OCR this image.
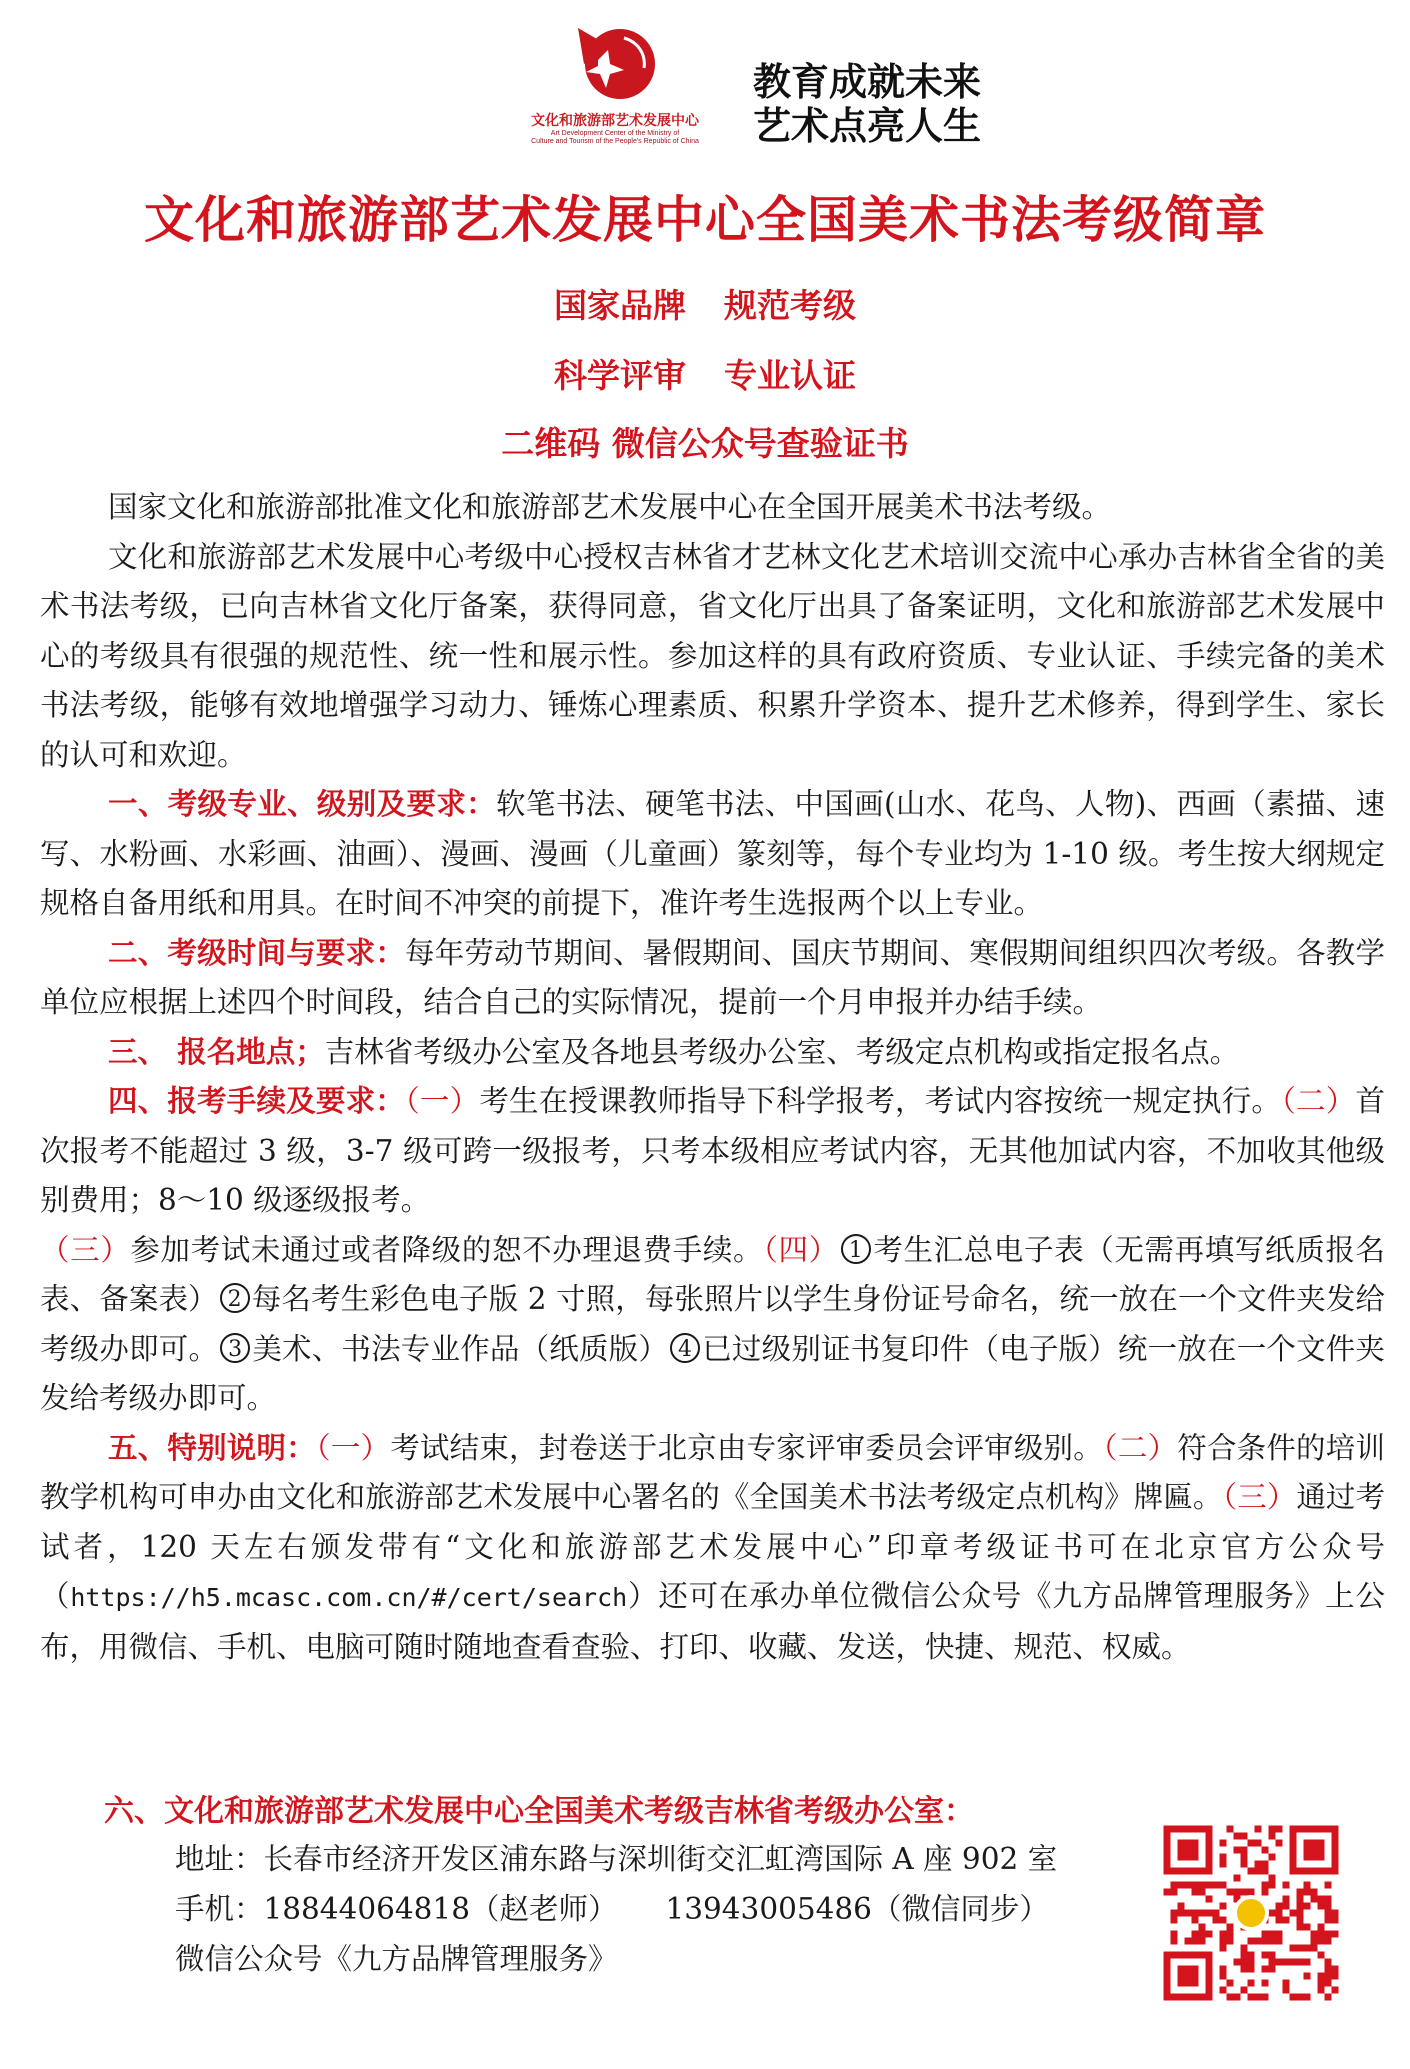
文化和旅游部艺术发展中心
Art Development Center of the Ministry of
Culture and Tourism of the People's Republic of China
教育成就未来
艺术点亮人生
文化和旅游部艺术发展中心全国美术书法考级简章
国家品牌 规范考级
科学评审 专业认证
二维码 微信公众号查验证书

国家文化和旅游部批准文化和旅游部艺术发展中心在全国开展美术书法考级。

文化和旅游部艺术发展中心考级中心授权吉林省才艺林文化艺术培训交流中心承办吉林省全省的美术书法考级，已向吉林省文化厅备案，获得同意，省文化厅出具了备案证明，文化和旅游部艺术发展中心的考级具有很强的规范性、统一性和展示性。参加这样的具有政府资质、专业认证、手续完备的美术书法考级，能够有效地增强学习动力、锤炼心理素质、积累升学资本、提升艺术修养，得到学生、家长的认可和欢迎。

一、考级专业、级别及要求：软笔书法、硬笔书法、中国画(山水、花鸟、人物)、西画（素描、速写、水粉画、水彩画、油画）、漫画、漫画（儿童画）篆刻等，每个专业均为 1-10 级。考生按大纲规定规格自备用纸和用具。在时间不冲突的前提下，准许考生选报两个以上专业。

二、考级时间与要求：每年劳动节期间、暑假期间、国庆节期间、寒假期间组织四次考级。各教学单位应根据上述四个时间段，结合自己的实际情况，提前一个月申报并办结手续。

三、 报名地点；吉林省考级办公室及各地县考级办公室、考级定点机构或指定报名点。

四、报考手续及要求：（一）考生在授课教师指导下科学报考，考试内容按统一规定执行。（二）首次报考不能超过 3 级，3-7 级可跨一级报考，只考本级相应考试内容，无其他加试内容，不加收其他级别费用；8～10 级逐级报考。

（三）参加考试未通过或者降级的恕不办理退费手续。（四） 1 考生汇总电子表（无需再填写纸质报名表、备案表） 2 每名考生彩色电子版 2 寸照，每张照片以学生身份证号命名，统一放在一个文件夹发给考级办即可。 3 美术、书法专业作品（纸质版） 4 已过级别证书复印件（电子版）统一放在一个文件夹发给考级办即可。

五、特别说明：（一）考试结束，封卷送于北京由专家评审委员会评审级别。（二）符合条件的培训教学机构可申办由文化和旅游部艺术发展中心署名的《全国美术书法考级定点机构》牌匾。（三）通过考试者，120 天左右颁发带有“文化和旅游部艺术发展中心”印章考级证书可在北京官方公众号（https://h5.mcasc.com.cn/#/cert/search）还可在承办单位微信公众号《九方品牌管理服务》上公布，用微信、手机、电脑可随时随地查看查验、打印、收藏、发送，快捷、规范、权威。

六、文化和旅游部艺术发展中心全国美术考级吉林省考级办公室：
地址：长春市经济开发区浦东路与深圳街交汇虹湾国际 A 座 902 室
手机：18844064818（赵老师） 13943005486（微信同步）
微信公众号《九方品牌管理服务》
